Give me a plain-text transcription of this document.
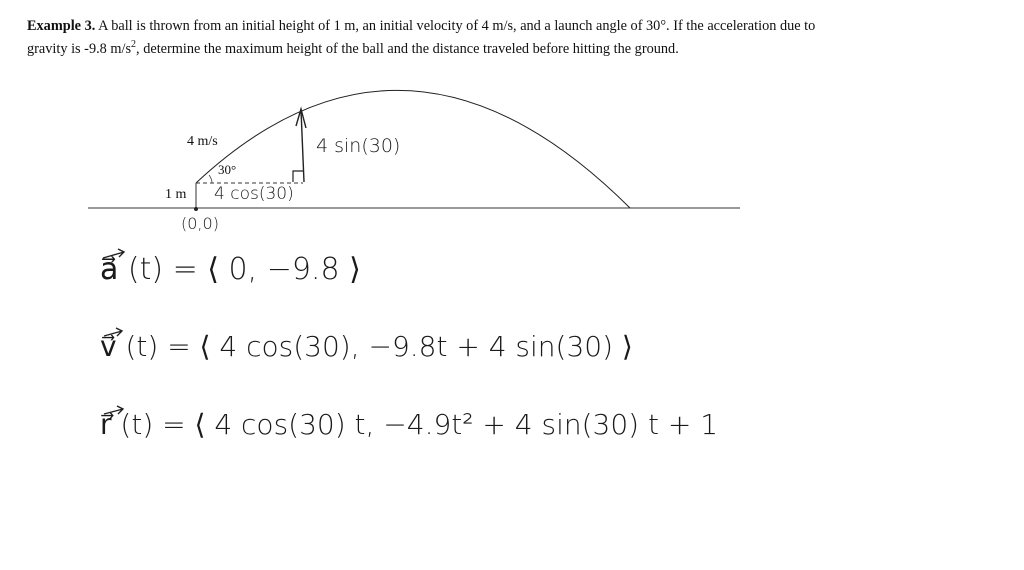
Example 3. A ball is thrown from an initial height of 1 m, an initial velocity of 4 m/s, and a launch angle of 30°. If the acceleration due to gravity is -9.8 $m/s^2$, determine the maximum height of the ball and the distance traveled before hitting the ground.

4 m/s
30°
1 m
4 sin(30)
4 cos(30)
(0,0)
a⃗ (t) = ⟨ 0, −9.8 ⟩
v⃗ (t) = ⟨ 4 cos(30), −9.8t + 4 sin(30) ⟩
r⃗ (t) = ⟨ 4 cos(30) t, −4.9t² + 4 sin(30) t + 1
